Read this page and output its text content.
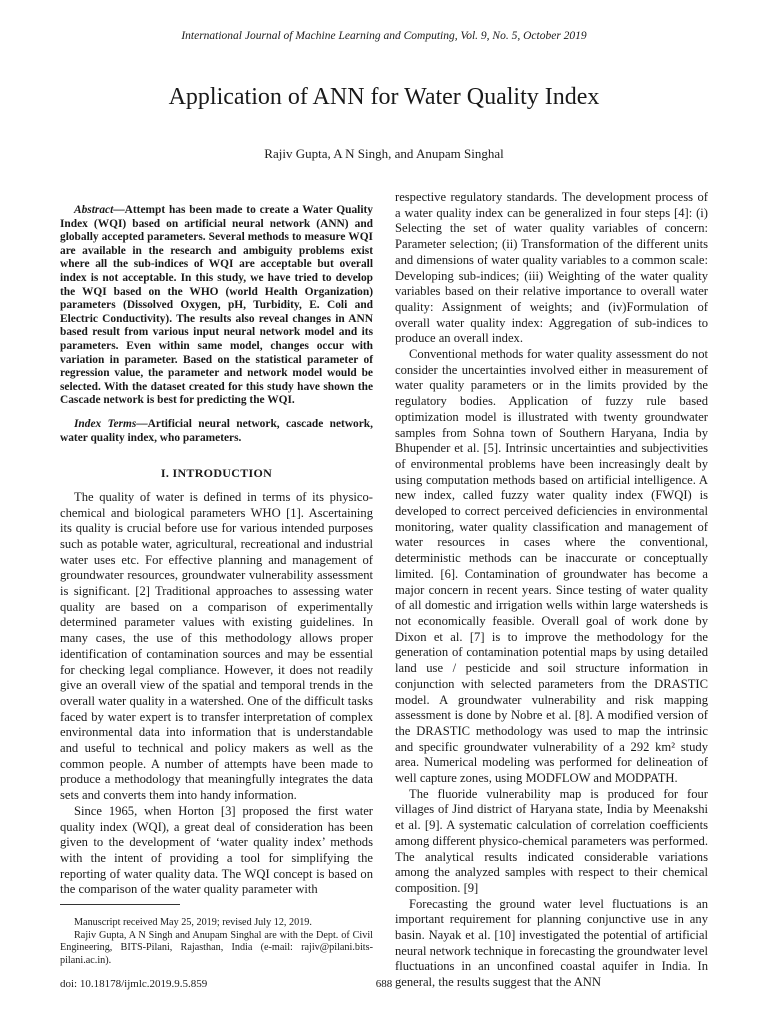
International Journal of Machine Learning and Computing, Vol. 9, No. 5, October 2019
Application of ANN for Water Quality Index
Rajiv Gupta, A N Singh, and Anupam Singhal

Abstract—Attempt has been made to create a Water Quality Index (WQI) based on artificial neural network (ANN) and globally accepted parameters. Several methods to measure WQI are available in the research and ambiguity problems exist where all the sub-indices of WQI are acceptable but overall index is not acceptable. In this study, we have tried to develop the WQI based on the WHO (world Health Organization) parameters (Dissolved Oxygen, pH, Turbidity, E. Coli and Electric Conductivity). The results also reveal changes in ANN based result from various input neural network model and its parameters. Even within same model, changes occur with variation in parameter. Based on the statistical parameter of regression value, the parameter and network model would be selected. With the dataset created for this study have shown the Cascade network is best for predicting the WQI.

Index Terms—Artificial neural network, cascade network, water quality index, who parameters.

I. INTRODUCTION

The quality of water is defined in terms of its physico-chemical and biological parameters WHO [1]. Ascertaining its quality is crucial before use for various intended purposes such as potable water, agricultural, recreational and industrial water uses etc. For effective planning and management of groundwater resources, groundwater vulnerability assessment is significant. [2] Traditional approaches to assessing water quality are based on a comparison of experimentally determined parameter values with existing guidelines. In many cases, the use of this methodology allows proper identification of contamination sources and may be essential for checking legal compliance. However, it does not readily give an overall view of the spatial and temporal trends in the overall water quality in a watershed. One of the difficult tasks faced by water expert is to transfer interpretation of complex environmental data into information that is understandable and useful to technical and policy makers as well as the common people. A number of attempts have been made to produce a methodology that meaningfully integrates the data sets and converts them into handy information.

Since 1965, when Horton [3] proposed the first water quality index (WQI), a great deal of consideration has been given to the development of ‘water quality index’ methods with the intent of providing a tool for simplifying the reporting of water quality data. The WQI concept is based on the comparison of the water quality parameter with

respective regulatory standards. The development process of a water quality index can be generalized in four steps [4]: (i) Selecting the set of water quality variables of concern: Parameter selection; (ii) Transformation of the different units and dimensions of water quality variables to a common scale: Developing sub-indices; (iii) Weighting of the water quality variables based on their relative importance to overall water quality: Assignment of weights; and (iv)Formulation of overall water quality index: Aggregation of sub-indices to produce an overall index.

Conventional methods for water quality assessment do not consider the uncertainties involved either in measurement of water quality parameters or in the limits provided by the regulatory bodies. Application of fuzzy rule based optimization model is illustrated with twenty groundwater samples from Sohna town of Southern Haryana, India by Bhupender et al. [5]. Intrinsic uncertainties and subjectivities of environmental problems have been increasingly dealt by using computation methods based on artificial intelligence. A new index, called fuzzy water quality index (FWQI) is developed to correct perceived deficiencies in environmental monitoring, water quality classification and management of water resources in cases where the conventional, deterministic methods can be inaccurate or conceptually limited. [6]. Contamination of groundwater has become a major concern in recent years. Since testing of water quality of all domestic and irrigation wells within large watersheds is not economically feasible. Overall goal of work done by Dixon et al. [7] is to improve the methodology for the generation of contamination potential maps by using detailed land use / pesticide and soil structure information in conjunction with selected parameters from the DRASTIC model. A groundwater vulnerability and risk mapping assessment is done by Nobre et al. [8]. A modified version of the DRASTIC methodology was used to map the intrinsic and specific groundwater vulnerability of a 292 km² study area. Numerical modeling was performed for delineation of well capture zones, using MODFLOW and MODPATH.

The fluoride vulnerability map is produced for four villages of Jind district of Haryana state, India by Meenakshi et al. [9]. A systematic calculation of correlation coefficients among different physico-chemical parameters was performed. The analytical results indicated considerable variations among the analyzed samples with respect to their chemical composition. [9]

Forecasting the ground water level fluctuations is an important requirement for planning conjunctive use in any basin. Nayak et al. [10] investigated the potential of artificial neural network technique in forecasting the groundwater level fluctuations in an unconfined coastal aquifer in India. In general, the results suggest that the ANN

Manuscript received May 25, 2019; revised July 12, 2019.

Rajiv Gupta, A N Singh and Anupam Singhal are with the Dept. of Civil Engineering, BITS-Pilani, Rajasthan, India (e-mail: rajiv@pilani.bits-pilani.ac.in).

doi: 10.18178/ijmlc.2019.9.5.859	688
